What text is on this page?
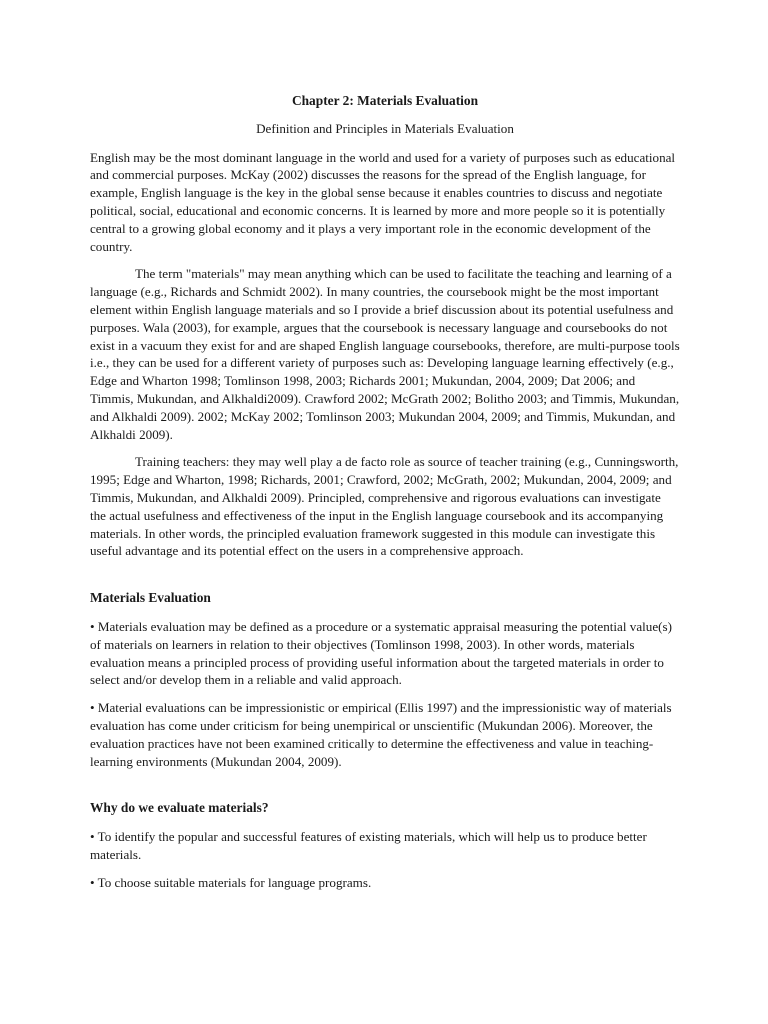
Chapter 2: Materials Evaluation
Definition and Principles in Materials Evaluation

English may be the most dominant language in the world and used for a variety of purposes such as educational and commercial purposes. McKay (2002) discusses the reasons for the spread of the English language, for example, English language is the key in the global sense because it enables countries to discuss and negotiate political, social, educational and economic concerns. It is learned by more and more people so it is potentially central to a growing global economy and it plays a very important role in the economic development of the country.

The term "materials" may mean anything which can be used to facilitate the teaching and learning of a language (e.g., Richards and Schmidt 2002). In many countries, the coursebook might be the most important element within English language materials and so I provide a brief discussion about its potential usefulness and purposes. Wala (2003), for example, argues that the coursebook is necessary language and coursebooks do not exist in a vacuum they exist for and are shaped English language coursebooks, therefore, are multi-purpose tools i.e., they can be used for a different variety of purposes such as: Developing language learning effectively (e.g., Edge and Wharton 1998; Tomlinson 1998, 2003; Richards 2001; Mukundan, 2004, 2009; Dat 2006; and Timmis, Mukundan, and Alkhaldi2009). Crawford 2002; McGrath 2002; Bolitho 2003; and Timmis, Mukundan, and Alkhaldi 2009). 2002; McKay 2002; Tomlinson 2003; Mukundan 2004, 2009; and Timmis, Mukundan, and Alkhaldi 2009).

Training teachers: they may well play a de facto role as source of teacher training (e.g., Cunningsworth, 1995; Edge and Wharton, 1998; Richards, 2001; Crawford, 2002; McGrath, 2002; Mukundan, 2004, 2009; and Timmis, Mukundan, and Alkhaldi 2009). Principled, comprehensive and rigorous evaluations can investigate the actual usefulness and effectiveness of the input in the English language coursebook and its accompanying materials. In other words, the principled evaluation framework suggested in this module can investigate this useful advantage and its potential effect on the users in a comprehensive approach.

Materials Evaluation

• Materials evaluation may be defined as a procedure or a systematic appraisal measuring the potential value(s) of materials on learners in relation to their objectives (Tomlinson 1998, 2003). In other words, materials evaluation means a principled process of providing useful information about the targeted materials in order to select and/or develop them in a reliable and valid approach.

• Material evaluations can be impressionistic or empirical (Ellis 1997) and the impressionistic way of materials evaluation has come under criticism for being unempirical or unscientific (Mukundan 2006). Moreover, the evaluation practices have not been examined critically to determine the effectiveness and value in teaching-learning environments (Mukundan 2004, 2009).

Why do we evaluate materials?

• To identify the popular and successful features of existing materials, which will help us to produce better materials.

• To choose suitable materials for language programs.
